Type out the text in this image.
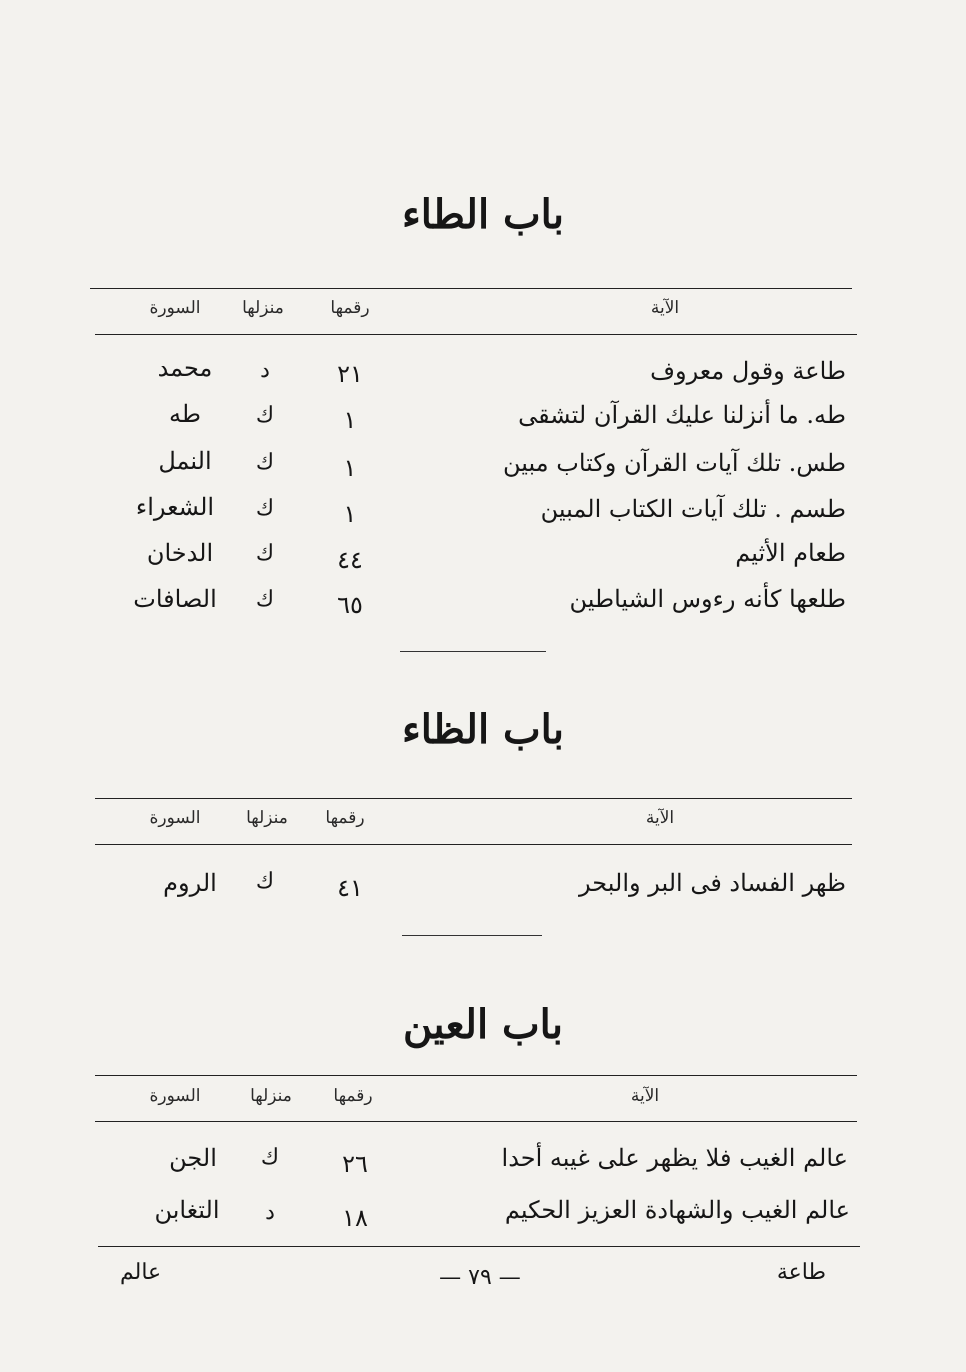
باب الطاء
الآية
رقمها
منزلها
السورة
طاعة وقول معروف
٢١
د
محمد
طه. ما أنزلنا عليك القرآن لتشقى
١
ك
طه
طس. تلك آيات القرآن وكتاب مبين
١
ك
النمل
طسم . تلك آيات الكتاب المبين
١
ك
الشعراء
طعام الأثيم
٤٤
ك
الدخان
طلعها كأنه رءوس الشياطين
٦٥
ك
الصافات
باب الظاء
الآية
رقمها
منزلها
السورة
ظهر الفساد فى البر والبحر
٤١
ك
الروم
باب العين
الآية
رقمها
منزلها
السورة
عالم الغيب فلا يظهر على غيبه أحدا
٢٦
ك
الجن
عالم الغيب والشهادة العزيز الحكيم
١٨
د
التغابن
طاعة
— ٧٩ —
عالم
